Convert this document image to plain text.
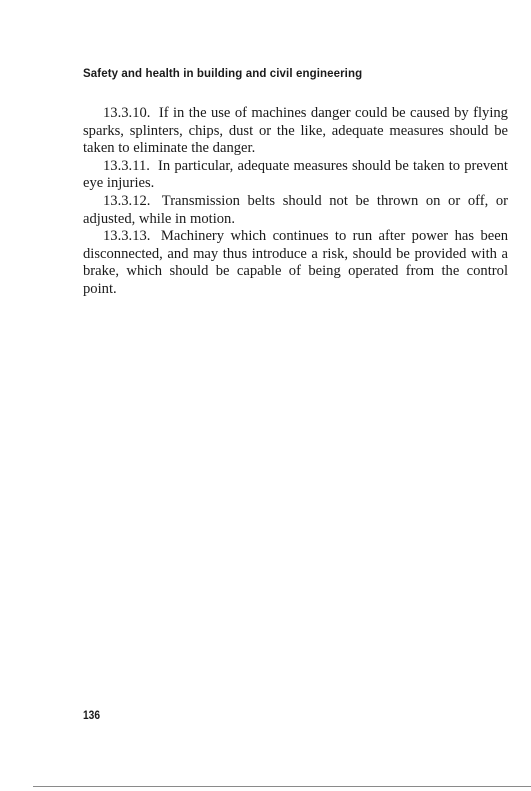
Safety and health in building and civil engineering

13.3.10. If in the use of machines danger could be caused by flying sparks, splinters, chips, dust or the like, adequate measures should be taken to eliminate the danger.

13.3.11. In particular, adequate measures should be taken to prevent eye injuries.

13.3.12. Transmission belts should not be thrown on or off, or adjusted, while in motion.

13.3.13. Machinery which continues to run after power has been disconnected, and may thus introduce a risk, should be provided with a brake, which should be capable of being operated from the control point.

136
